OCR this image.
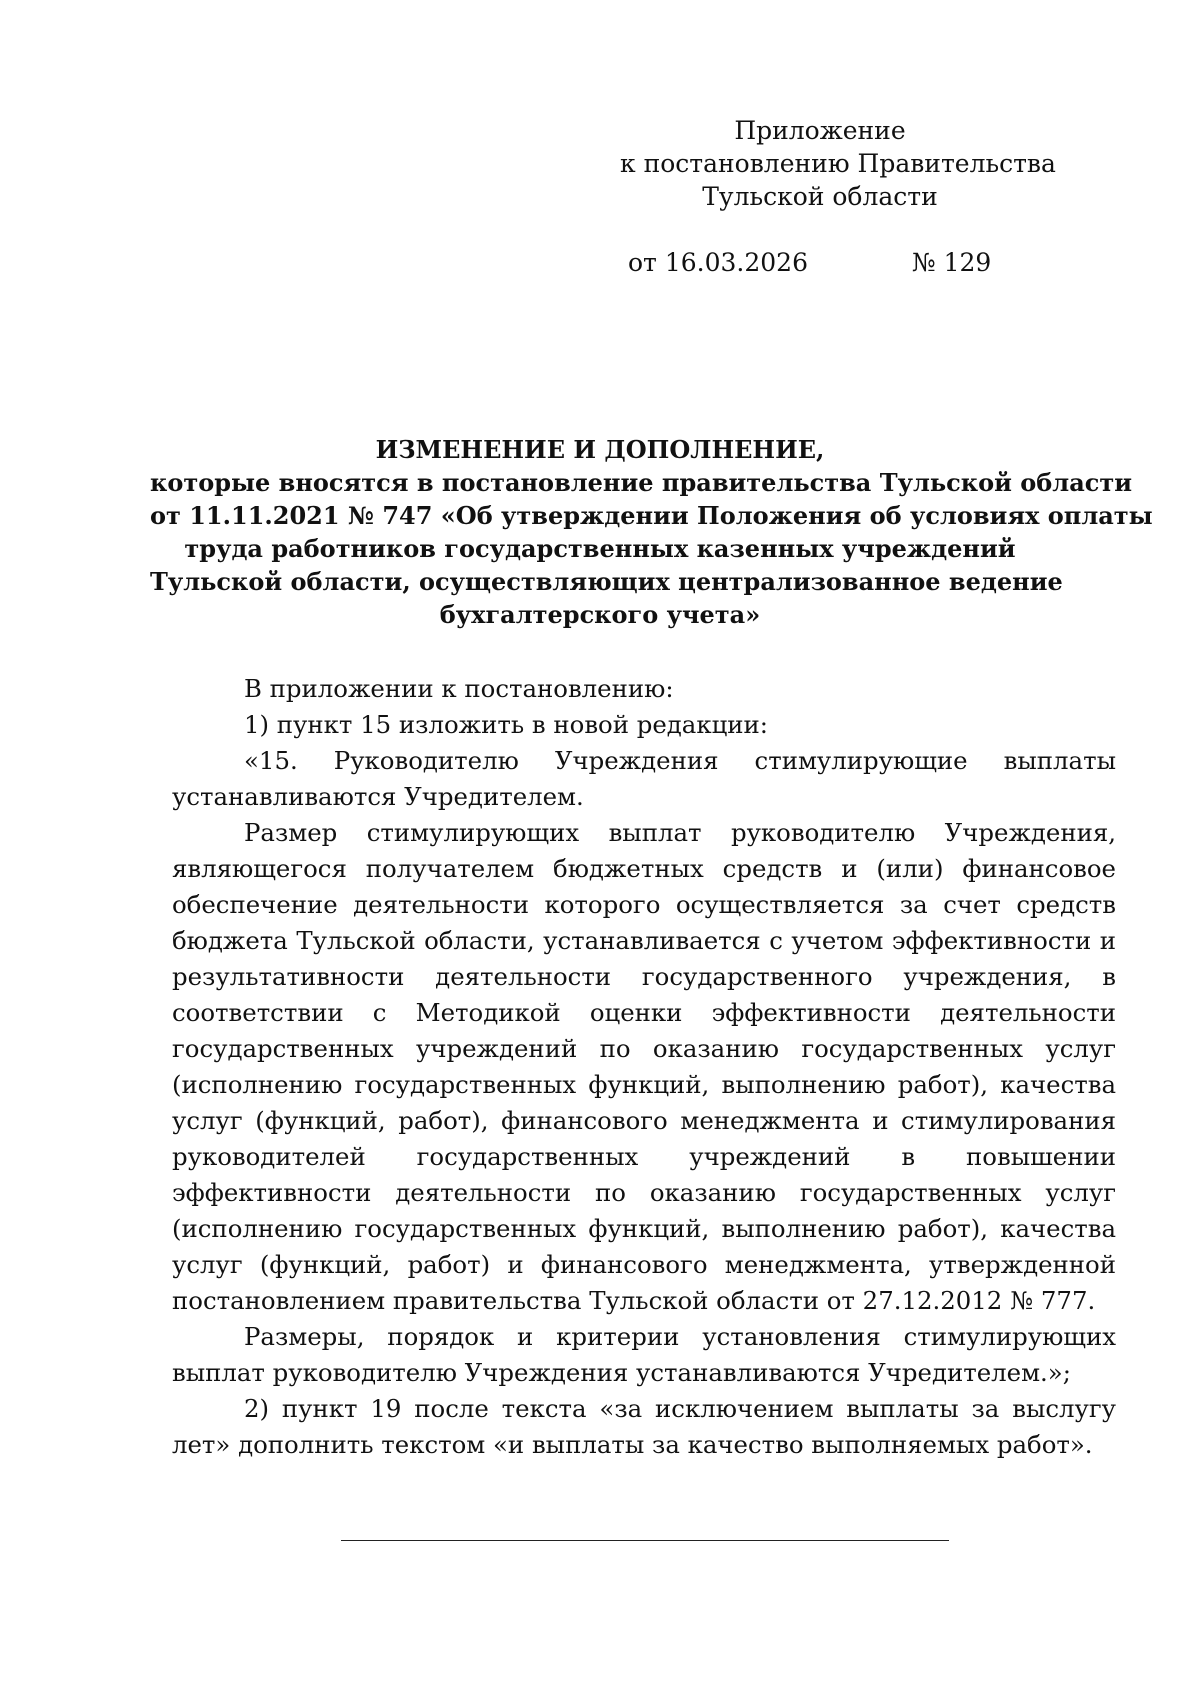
Приложение
к постановлению Правительства
Тульской области
от 16.03.2026	№ 129
ИЗМЕНЕНИЕ И ДОПОЛНЕНИЕ,
которые вносятся в постановление правительства Тульской области
от 11.11.2021 № 747 «Об утверждении Положения об условиях оплаты
труда работников государственных казенных учреждений
Тульской области, осуществляющих централизованное ведение
бухгалтерского учета»

В приложении к постановлению:

1) пункт 15 изложить в новой редакции:

«15. Руководителю Учреждения стимулирующие выплаты устанавливаются Учредителем.

Размер стимулирующих выплат руководителю Учреждения, являющегося получателем бюджетных средств и (или) финансовое обеспечение деятельности которого осуществляется за счет средств бюджета Тульской области, устанавливается с учетом эффективности и результативности деятельности государственного учреждения, в соответствии с Методикой оценки эффективности деятельности государственных учреждений по оказанию государственных услуг (исполнению государственных функций, выполнению работ), качества услуг (функций, работ), финансового менеджмента и стимулирования руководителей государственных учреждений в повышении эффективности деятельности по оказанию государственных услуг (исполнению государственных функций, выполнению работ), качества услуг (функций, работ) и финансового менеджмента, утвержденной постановлением правительства Тульской области от 27.12.2012 № 777.

Размеры, порядок и критерии установления стимулирующих выплат руководителю Учреждения устанавливаются Учредителем.»;

2) пункт 19 после текста «за исключением выплаты за выслугу лет» дополнить текстом «и выплаты за качество выполняемых работ».
